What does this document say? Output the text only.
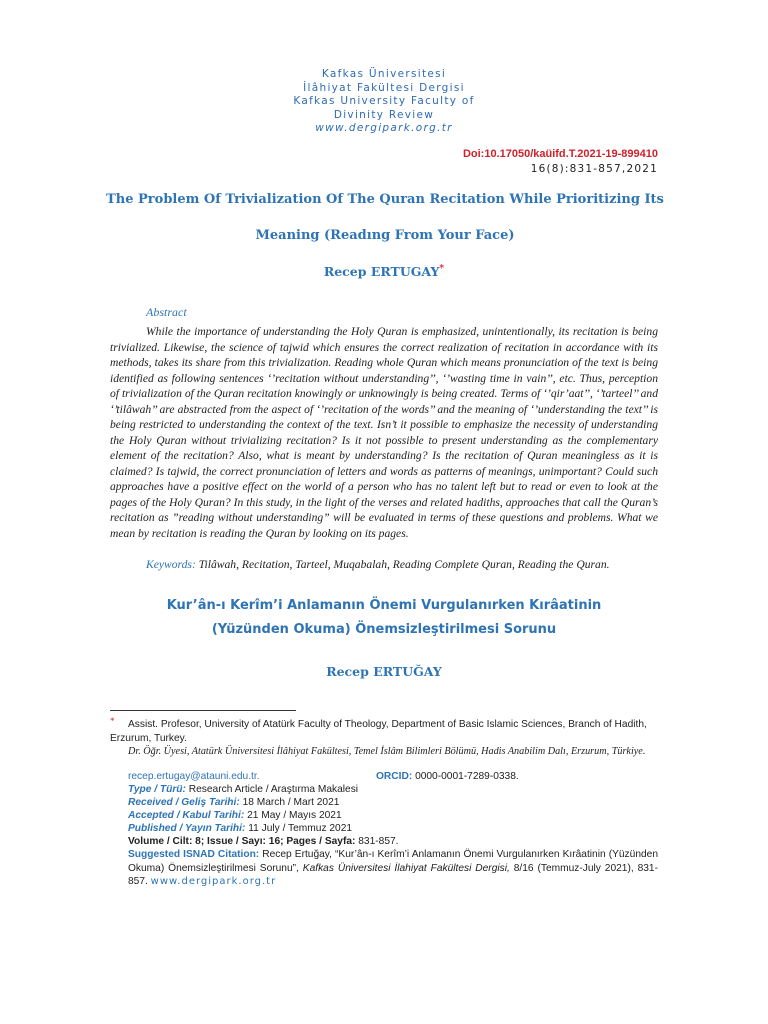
Kafkas Üniversitesi
İlâhiyat Fakültesi Dergisi
Kafkas University Faculty of
Divinity Review
www.dergipark.org.tr
Doi:10.17050/kaüifd.T.2021-19-899410
16(8):831-857,2021
The Problem Of Trivialization Of The Quran Recitation While Prioritizing Its
Meaning (Readıng From Your Face)
Recep ERTUGAY*
Abstract
While the importance of understanding the Holy Quran is emphasized, unintentionally, its recitation is being trivialized. Likewise, the science of tajwid which ensures the correct realization of recitation in accordance with its methods, takes its share from this trivialization. Reading whole Quran which means pronunciation of the text is being identified as following sentences ‘’recitation without understanding’’, ‘’wasting time in vain’’, etc. Thus, perception of trivialization of the Quran recitation knowingly or unknowingly is being created. Terms of ‘’qir’aat’’, ‘’tarteel’’ and ‘’tilâwah’’ are abstracted from the aspect of ‘’recitation of the words’’ and the meaning of ‘’understanding the text’’ is being restricted to understanding the context of the text. Isn’t it possible to emphasize the necessity of understanding the Holy Quran without trivializing recitation? Is it not possible to present understanding as the complementary element of the recitation? Also, what is meant by understanding? Is the recitation of Quran meaningless as it is claimed? Is tajwid, the correct pronunciation of letters and words as patterns of meanings, unimportant? Could such approaches have a positive effect on the world of a person who has no talent left but to read or even to look at the pages of the Holy Quran? In this study, in the light of the verses and related hadiths, approaches that call the Quran’s recitation as ”reading without understanding” will be evaluated in terms of these questions and problems. What we mean by recitation is reading the Quran by looking on its pages.
Keywords: Tilâwah, Recitation, Tarteel, Muqabalah, Reading Complete Quran, Reading the Quran.
Kur’ân-ı Kerîm’i Anlamanın Önemi Vurgulanırken Kırâatinin
(Yüzünden Okuma) Önemsizleştirilmesi Sorunu
Recep ERTUĞAY
*	Assist. Profesor, University of Atatürk Faculty of Theology, Department of Basic Islamic Sciences, Branch of Hadith, Erzurum, Turkey.
Dr. Öğr. Üyesi, Atatürk Üniversitesi İlâhiyat Fakültesi, Temel İslâm Bilimleri Bölümü, Hadis Anabilim Dalı, Erzurum, Türkiye.
recep.ertugay@atauni.edu.tr.	ORCID: 0000-0001-7289-0338.
Type / Türü: Research Article / Araştırma Makalesi
Received / Geliş Tarihi: 18 March / Mart 2021
Accepted / Kabul Tarihi: 21 May / Mayıs 2021
Published / Yayın Tarihi: 11 July / Temmuz 2021
Volume / Cilt: 8; Issue / Sayı: 16; Pages / Sayfa: 831-857.
Suggested ISNAD Citation: Recep Ertuğay, “Kur’ân-ı Kerîm’i Anlamanın Önemi Vurgulanırken Kırâatinin (Yüzünden Okuma) Önemsizleştirilmesi Sorunu”, Kafkas Üniversitesi İlahiyat Fakültesi Dergisi, 8/16 (Temmuz-July 2021), 831-857. www.dergipark.org.tr
